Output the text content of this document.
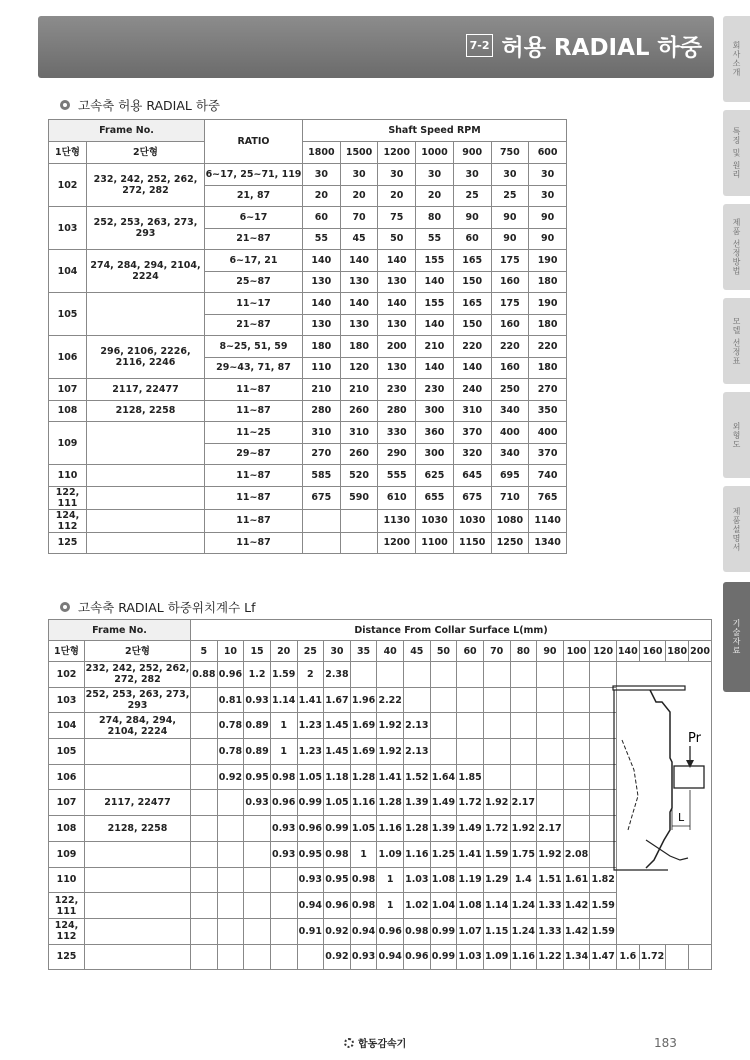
7-2 허용 RADIAL 하중	회사소개
특징 및 원리
제품 선정방법
모델 선정표
외형도
제품설명서
기술자료
고속축 허용 RADIAL 하중
Frame No.		RATIO	Shaft Speed RPM						
1단형	2단형		1800	1500	1200	1000	900	750	600
102	232, 242, 252, 262, 272, 282	6~17, 25~71, 119	30	30	30	30	30	30	30
		21, 87	20	20	20	20	25	25	30
103	252, 253, 263, 273, 293	6~17	60	70	75	80	90	90	90
		21~87	55	45	50	55	60	90	90
104	274, 284, 294, 2104, 2224	6~17, 21	140	140	140	155	165	175	190
		25~87	130	130	130	140	150	160	180
105		11~17	140	140	140	155	165	175	190
		21~87	130	130	130	140	150	160	180
106	296, 2106, 2226, 2116, 2246	8~25, 51, 59	180	180	200	210	220	220	220
		29~43, 71, 87	110	120	130	140	140	160	180
107	2117, 22477	11~87	210	210	230	230	240	250	270
108	2128, 2258	11~87	280	260	280	300	310	340	350
109		11~25	310	310	330	360	370	400	400
		29~87	270	260	290	300	320	340	370
110		11~87	585	520	555	625	645	695	740
122, 111		11~87	675	590	610	655	675	710	765
124, 112		11~87			1130	1030	1030	1080	1140
125		11~87			1200	1100	1150	1250	1340
고속축 RADIAL 하중위치계수 Lf
Frame No.		Distance From Collar Surface L(mm)																			
1단형	2단형	5	10	15	20	25	30	35	40	45	50	60	70	80	90	100	120	140	160	180	200
102	232, 242, 252, 262, 272, 282	0.88	0.96	1.2	1.59	2	2.38														
103	252, 253, 263, 273, 293		0.81	0.93	1.14	1.41	1.67	1.96	2.22												
104	274, 284, 294, 2104, 2224		0.78	0.89	1	1.23	1.45	1.69	1.92	2.13											
105			0.78	0.89	1	1.23	1.45	1.69	1.92	2.13											
106			0.92	0.95	0.98	1.05	1.18	1.28	1.41	1.52	1.64	1.85									
107	2117, 22477			0.93	0.96	0.99	1.05	1.16	1.28	1.39	1.49	1.72	1.92	2.17							
108	2128, 2258				0.93	0.96	0.99	1.05	1.16	1.28	1.39	1.49	1.72	1.92	2.17						
109					0.93	0.95	0.98	1	1.09	1.16	1.25	1.41	1.59	1.75	1.92	2.08					
110						0.93	0.95	0.98	1	1.03	1.08	1.19	1.29	1.4	1.51	1.61	1.82				
122, 111						0.94	0.96	0.98	1	1.02	1.04	1.08	1.14	1.24	1.33	1.42	1.59				
124, 112						0.91	0.92	0.94	0.96	0.98	0.99	1.07	1.15	1.24	1.33	1.42	1.59				
125							0.92	0.93	0.94	0.96	0.99	1.03	1.09	1.16	1.22	1.34	1.47	1.6	1.72		
Pr
L
합동감속기	183
